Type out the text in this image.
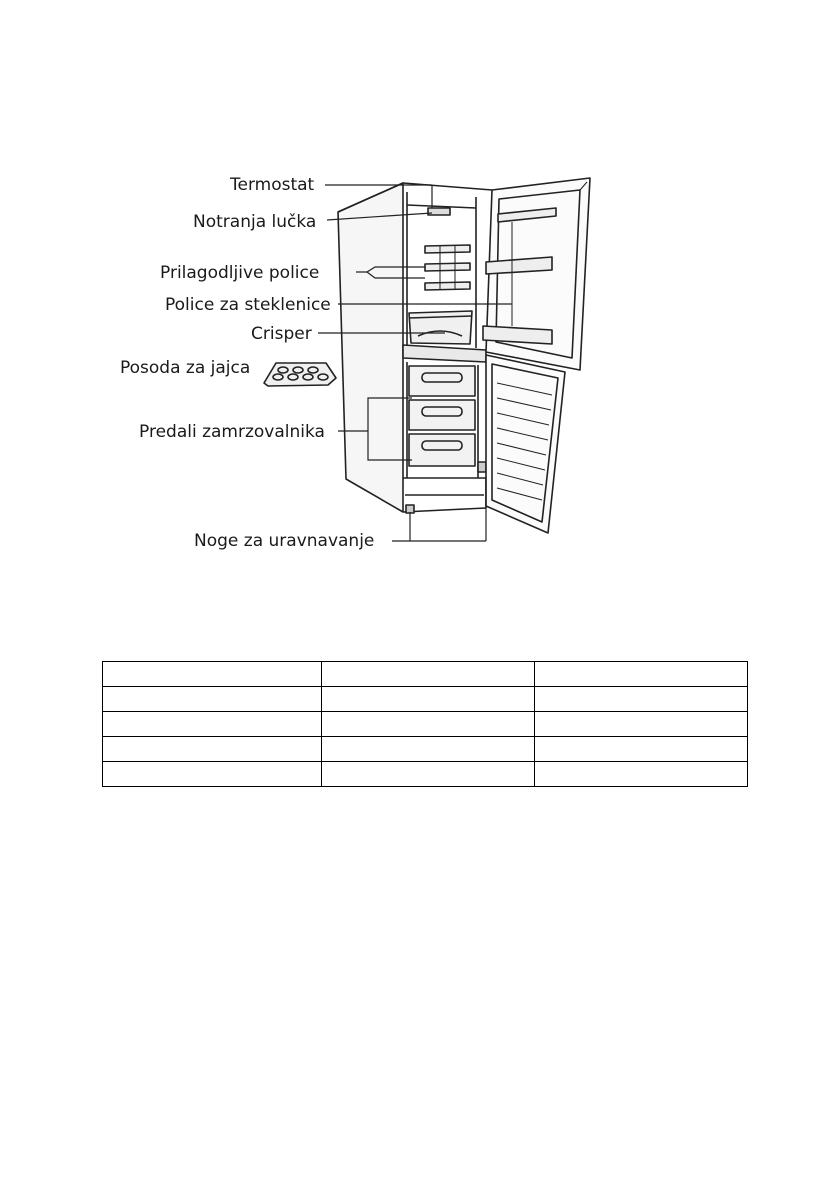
Termostat
Notranja lučka
Prilagodljive police
Police za steklenice
Crisper
Posoda za jajca
Predali zamrzovalnika
Noge za uravnavanje
